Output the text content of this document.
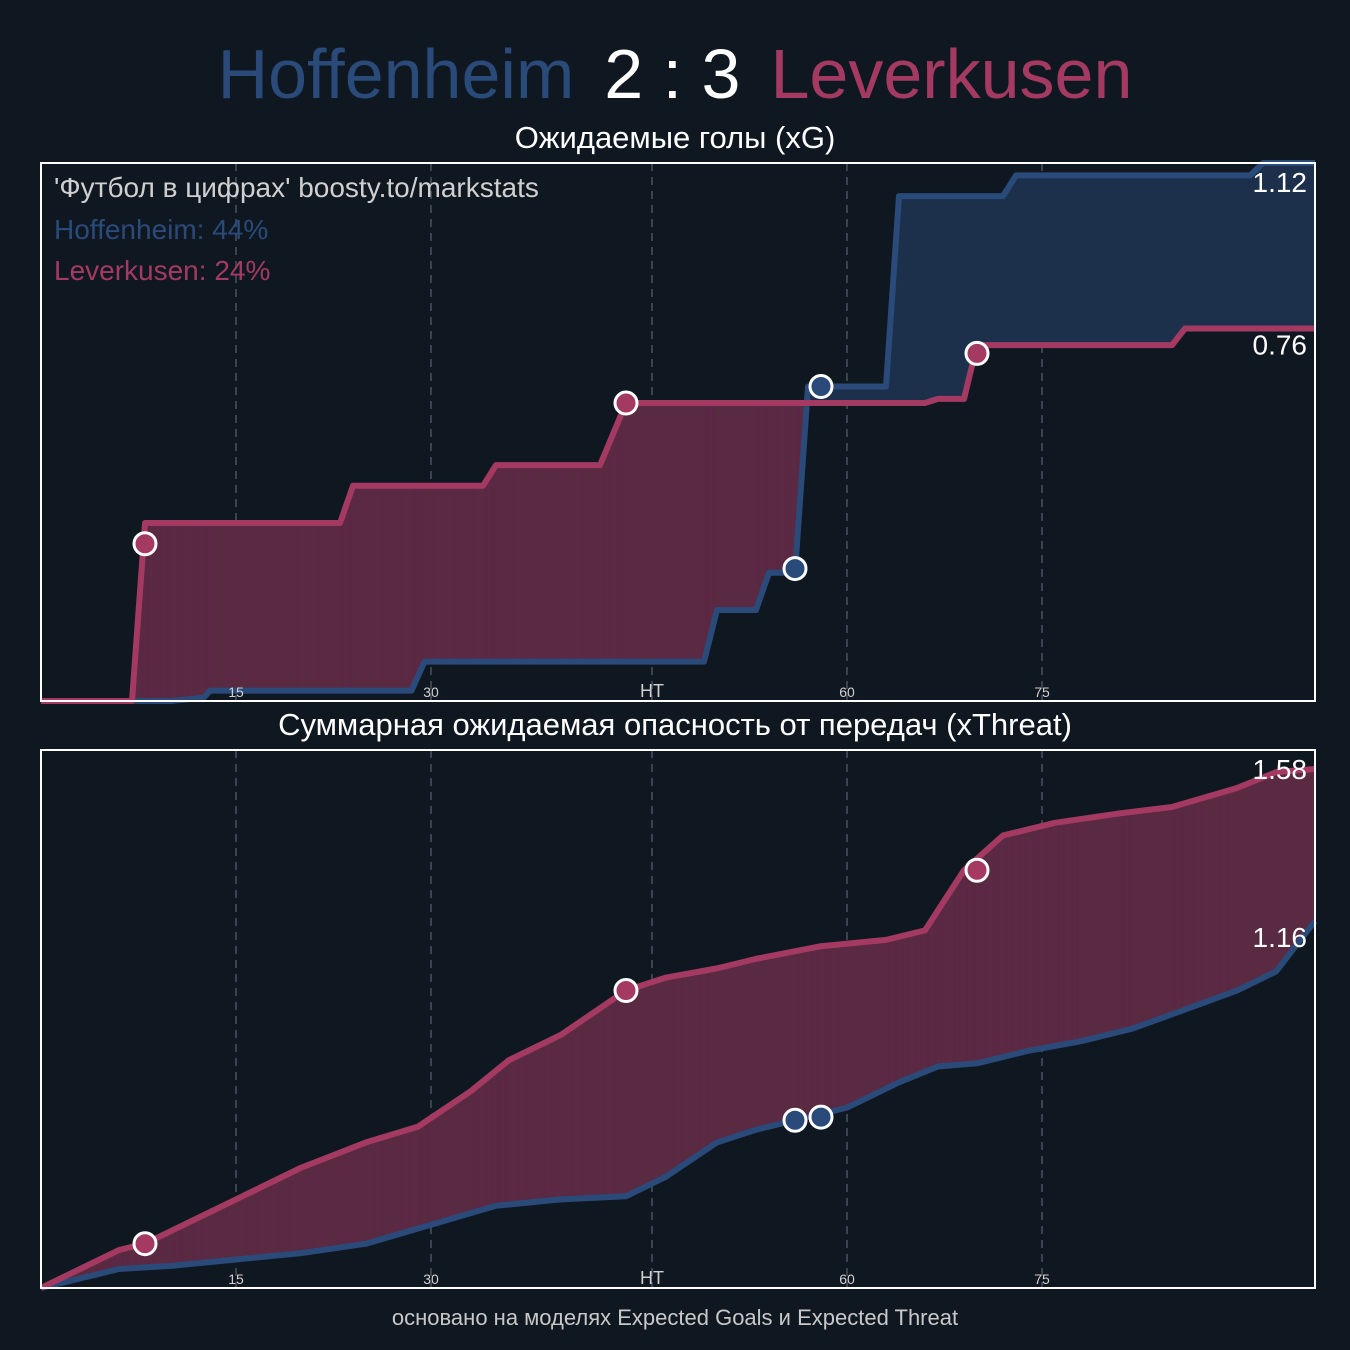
Hoffenheim 2 : 3 Leverkusen
Ожидаемые голы (xG)
15	30	HT	60	75
1.12
0.76
'Футбол в цифрах' boosty.to/markstats
Hoffenheim: 44%
Leverkusen: 24%
Суммарная ожидаемая опасность от передач (xThreat)
15	30	HT	60	75
1.58
1.16
основано на моделях Expected Goals и Expected Threat
